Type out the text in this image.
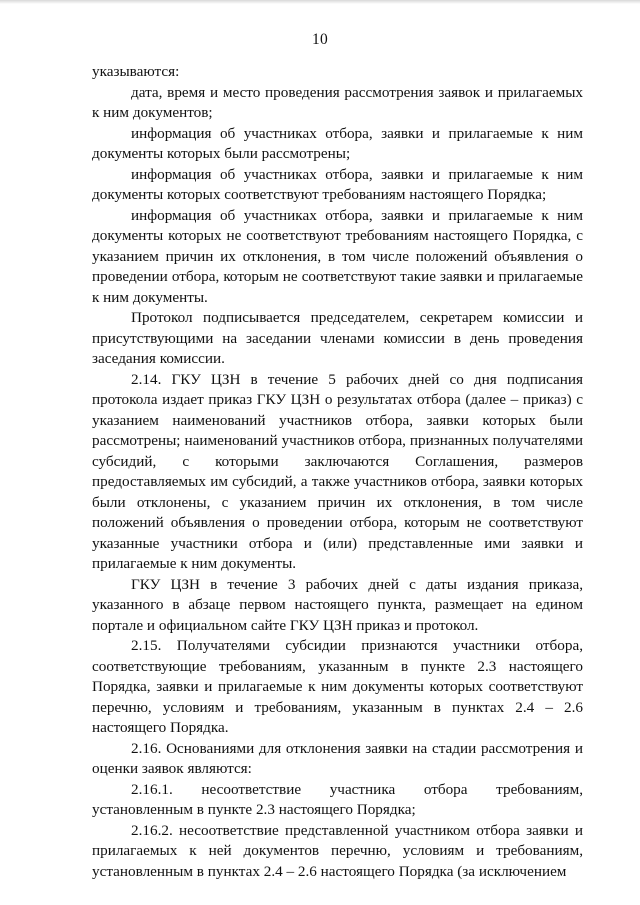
10

указываются:

дата, время и место проведения рассмотрения заявок и прилагаемых к ним документов;

информация об участниках отбора, заявки и прилагаемые к ним документы которых были рассмотрены;

информация об участниках отбора, заявки и прилагаемые к ним документы которых соответствуют требованиям настоящего Порядка;

информация об участниках отбора, заявки и прилагаемые к ним документы которых не соответствуют требованиям настоящего Порядка, с указанием причин их отклонения, в том числе положений объявления о проведении отбора, которым не соответствуют такие заявки и прилагаемые к ним документы.

Протокол подписывается председателем, секретарем комиссии и присутствующими на заседании членами комиссии в день проведения заседания комиссии.

2.14. ГКУ ЦЗН в течение 5 рабочих дней со дня подписания протокола издает приказ ГКУ ЦЗН о результатах отбора (далее – приказ) с указанием наименований участников отбора, заявки которых были рассмотрены; наименований участников отбора, признанных получателями субсидий, с которыми заключаются Соглашения, размеров предоставляемых им субсидий, а также участников отбора, заявки которых были отклонены, с указанием причин их отклонения, в том числе положений объявления о проведении отбора, которым не соответствуют указанные участники отбора и (или) представленные ими заявки и прилагаемые к ним документы.

ГКУ ЦЗН в течение 3 рабочих дней с даты издания приказа, указанного в абзаце первом настоящего пункта, размещает на едином портале и официальном сайте ГКУ ЦЗН приказ и протокол.

2.15. Получателями субсидии признаются участники отбора, соответствующие требованиям, указанным в пункте 2.3 настоящего Порядка, заявки и прилагаемые к ним документы которых соответствуют перечню, условиям и требованиям, указанным в пунктах 2.4 – 2.6 настоящего Порядка.

2.16. Основаниями для отклонения заявки на стадии рассмотрения и оценки заявок являются:

2.16.1. несоответствие участника отбора требованиям, установленным в пункте 2.3 настоящего Порядка;

2.16.2. несоответствие представленной участником отбора заявки и прилагаемых к ней документов перечню, условиям и требованиям, установленным в пунктах 2.4 – 2.6 настоящего Порядка (за исключением
